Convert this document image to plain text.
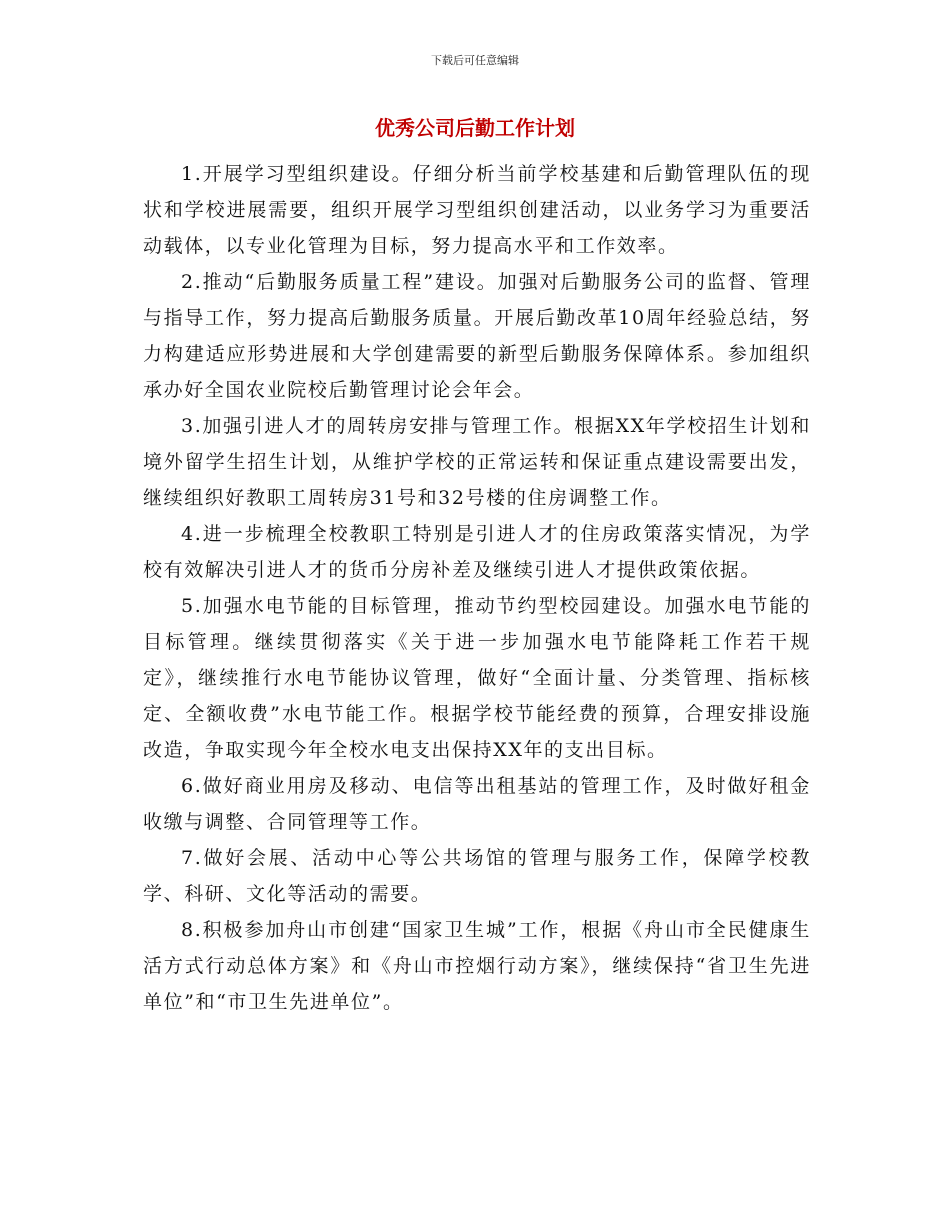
下载后可任意编辑
优秀公司后勤工作计划

1.开展学习型组织建设。仔细分析当前学校基建和后勤管理队伍的现状和学校进展需要，组织开展学习型组织创建活动，以业务学习为重要活动载体，以专业化管理为目标，努力提高水平和工作效率。

2.推动“后勤服务质量工程”建设。加强对后勤服务公司的监督、管理与指导工作，努力提高后勤服务质量。开展后勤改革10周年经验总结，努力构建适应形势进展和大学创建需要的新型后勤服务保障体系。参加组织承办好全国农业院校后勤管理讨论会年会。

3.加强引进人才的周转房安排与管理工作。根据XX年学校招生计划和境外留学生招生计划，从维护学校的正常运转和保证重点建设需要出发，继续组织好教职工周转房31号和32号楼的住房调整工作。

4.进一步梳理全校教职工特别是引进人才的住房政策落实情况，为学校有效解决引进人才的货币分房补差及继续引进人才提供政策依据。

5.加强水电节能的目标管理，推动节约型校园建设。加强水电节能的目标管理。继续贯彻落实《关于进一步加强水电节能降耗工作若干规定》，继续推行水电节能协议管理，做好“全面计量、分类管理、指标核定、全额收费”水电节能工作。根据学校节能经费的预算，合理安排设施改造，争取实现今年全校水电支出保持XX年的支出目标。

6.做好商业用房及移动、电信等出租基站的管理工作，及时做好租金收缴与调整、合同管理等工作。

7.做好会展、活动中心等公共场馆的管理与服务工作，保障学校教学、科研、文化等活动的需要。

8.积极参加舟山市创建“国家卫生城”工作，根据《舟山市全民健康生活方式行动总体方案》和《舟山市控烟行动方案》，继续保持“省卫生先进单位”和“市卫生先进单位”。
